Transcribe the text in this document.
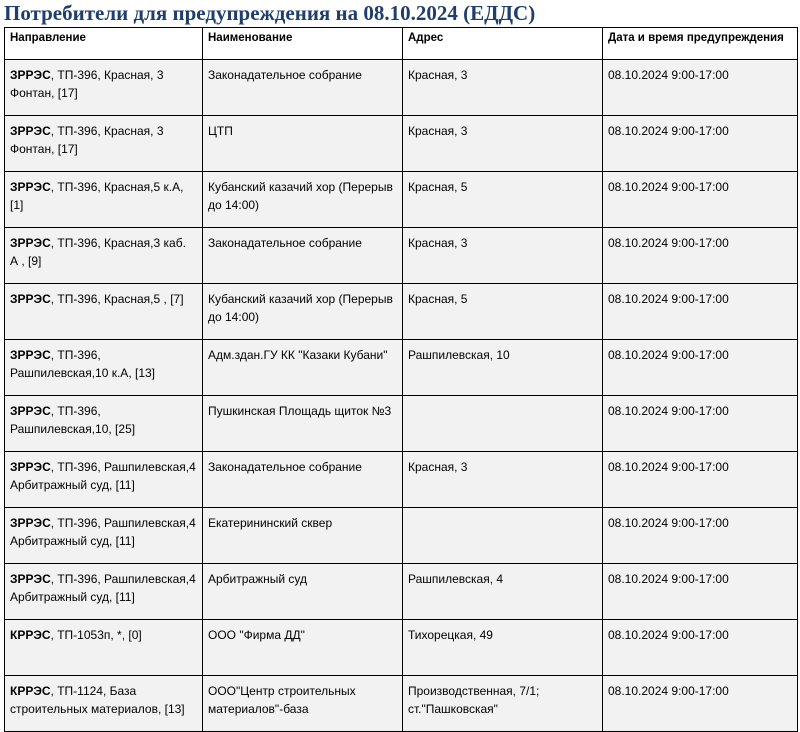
Потребители для предупреждения на 08.10.2024 (ЕДДС)
Направление	Наименование	Адрес	Дата и время предупреждения
ЗРРЭС, ТП-396, Красная, 3 Фонтан, [17]	Законадательное собрание	Красная, 3	08.10.2024 9:00-17:00
ЗРРЭС, ТП-396, Красная, 3 Фонтан, [17]	ЦТП	Красная, 3	08.10.2024 9:00-17:00
ЗРРЭС, ТП-396, Красная,5 к.А, [1]	Кубанский казачий хор (Перерыв до 14:00)	Красная, 5	08.10.2024 9:00-17:00
ЗРРЭС, ТП-396, Красная,3 каб. А , [9]	Законадательное собрание	Красная, 3	08.10.2024 9:00-17:00
ЗРРЭС, ТП-396, Красная,5 , [7]	Кубанский казачий хор (Перерыв до 14:00)	Красная, 5	08.10.2024 9:00-17:00
ЗРРЭС, ТП-396, Рашпилевская,10 к.А, [13]	Адм.здан.ГУ КК "Казаки Кубани"	Рашпилевская, 10	08.10.2024 9:00-17:00
ЗРРЭС, ТП-396, Рашпилевская,10, [25]	Пушкинская Площадь щиток №3		08.10.2024 9:00-17:00
ЗРРЭС, ТП-396, Рашпилевская,4 Арбитражный суд, [11]	Законадательное собрание	Красная, 3	08.10.2024 9:00-17:00
ЗРРЭС, ТП-396, Рашпилевская,4 Арбитражный суд, [11]	Екатерининский сквер		08.10.2024 9:00-17:00
ЗРРЭС, ТП-396, Рашпилевская,4 Арбитражный суд, [11]	Арбитражный суд	Рашпилевская, 4	08.10.2024 9:00-17:00
КРРЭС, ТП-1053п, *, [0]	ООО "Фирма ДД"	Тихорецкая, 49	08.10.2024 9:00-17:00
КРРЭС, ТП-1124, База строительных материалов, [13]	ООО"Центр строительных материалов"-база	Производственная, 7/1; ст."Пашковская"	08.10.2024 9:00-17:00
